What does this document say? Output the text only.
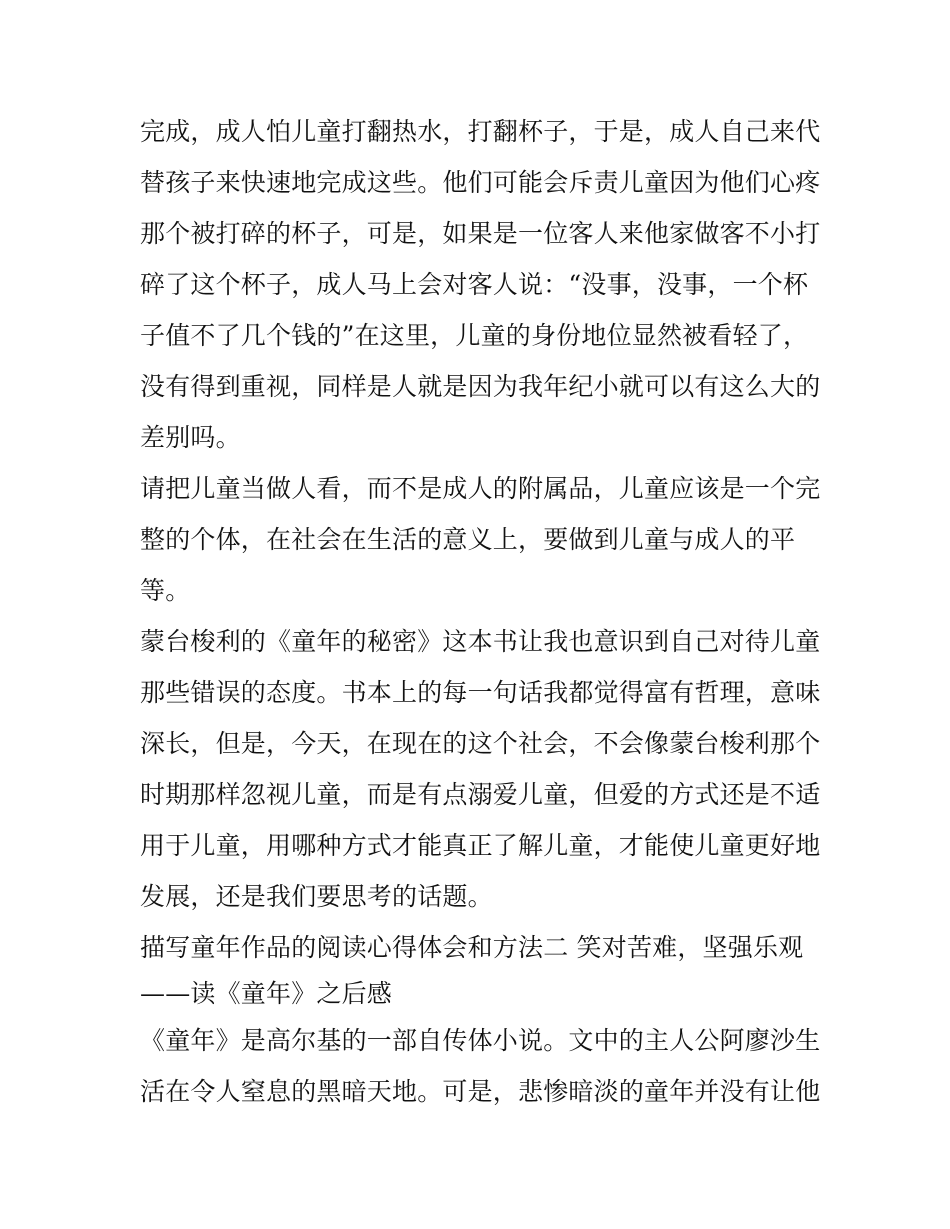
完成，成人怕儿童打翻热水，打翻杯子，于是，成人自己来代
替孩子来快速地完成这些。他们可能会斥责儿童因为他们心疼
那个被打碎的杯子，可是，如果是一位客人来他家做客不小打
碎了这个杯子，成人马上会对客人说：“没事，没事，一个杯
子值不了几个钱的”在这里，儿童的身份地位显然被看轻了，
没有得到重视，同样是人就是因为我年纪小就可以有这么大的
差别吗。
请把儿童当做人看，而不是成人的附属品，儿童应该是一个完
整的个体，在社会在生活的意义上，要做到儿童与成人的平
等。
蒙台梭利的《童年的秘密》这本书让我也意识到自己对待儿童
那些错误的态度。书本上的每一句话我都觉得富有哲理，意味
深长，但是，今天，在现在的这个社会，不会像蒙台梭利那个
时期那样忽视儿童，而是有点溺爱儿童，但爱的方式还是不适
用于儿童，用哪种方式才能真正了解儿童，才能使儿童更好地
发展，还是我们要思考的话题。
描写童年作品的阅读心得体会和方法二 笑对苦难，坚强乐观
——读《童年》之后感
《童年》是高尔基的一部自传体小说。文中的主人公阿廖沙生
活在令人窒息的黑暗天地。可是，悲惨暗淡的童年并没有让他
